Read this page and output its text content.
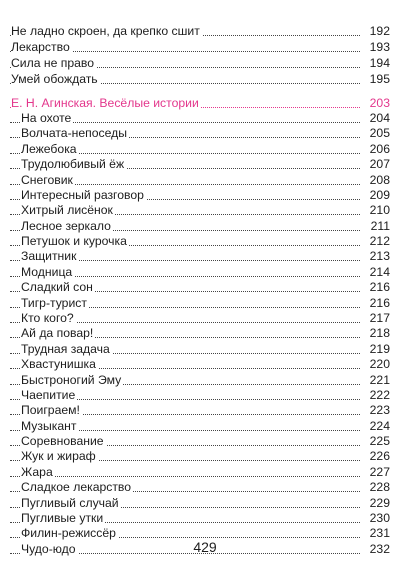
Не ладно скроен, да крепко сшит	192
Лекарство	193
Сила не право	194
Умей обождать	195
Е. Н. Агинская. Весёлые истории	203
На охоте	204
Волчата-непоседы	205
Лежебока	206
Трудолюбивый ёж	207
Снеговик	208
Интересный разговор	209
Хитрый лисёнок	210
Лесное зеркало	211
Петушок и курочка	212
Защитник	213
Модница	214
Сладкий сон	216
Тигр-турист	216
Кто кого?	217
Ай да повар!	218
Трудная задача	219
Хвастунишка	220
Быстроногий Эму	221
Чаепитие	222
Поиграем!	223
Музыкант	224
Соревнование	225
Жук и жираф	226
Жара	227
Сладкое лекарство	228
Пугливый случай	229
Пугливые утки	230
Филин-режиссёр	231
Чудо-юдо	232
429
